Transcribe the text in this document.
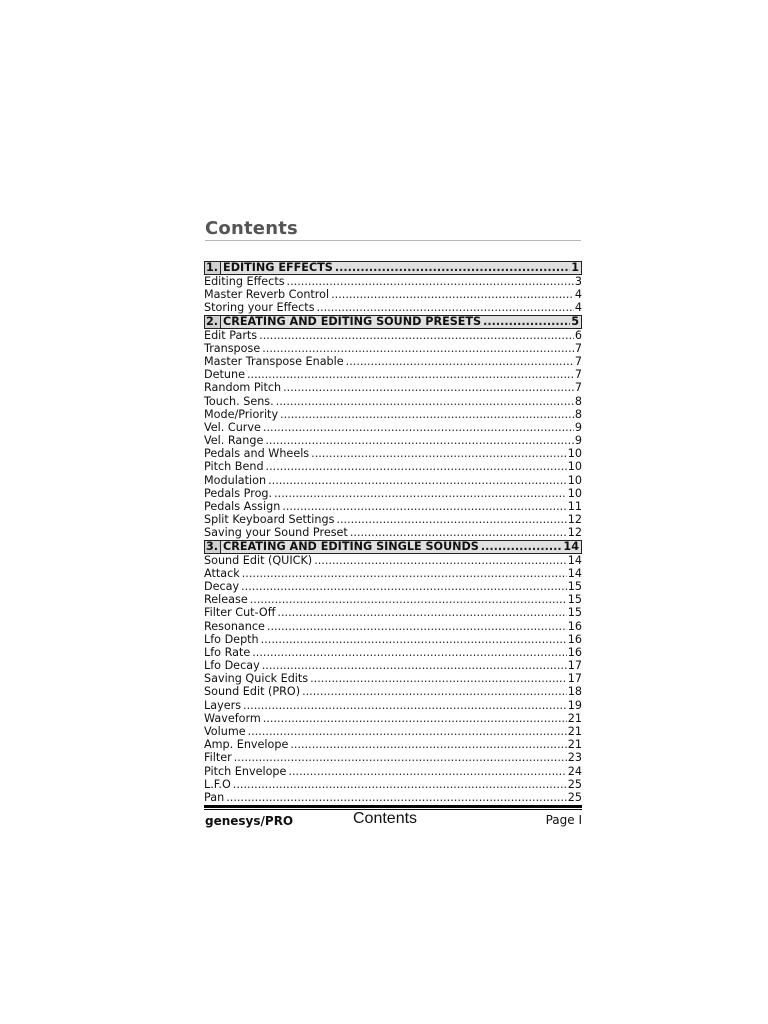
Contents
1. EDITING EFFECTS .....	1
Editing Effects .....	3
Master Reverb Control .....	4
Storing your Effects .....	4
2. CREATING AND EDITING SOUND PRESETS .....	5
Edit Parts .....	6
Transpose .....	7
Master Transpose Enable .....	7
Detune .....	7
Random Pitch .....	7
Touch. Sens. .....	8
Mode/Priority .....	8
Vel. Curve .....	9
Vel. Range .....	9
Pedals and Wheels .....	10
Pitch Bend .....	10
Modulation .....	10
Pedals Prog. .....	10
Pedals Assign .....	11
Split Keyboard Settings .....	12
Saving your Sound Preset .....	12
3. CREATING AND EDITING SINGLE SOUNDS .....	14
Sound Edit (QUICK) .....	14
Attack .....	14
Decay .....	15
Release .....	15
Filter Cut-Off .....	15
Resonance .....	16
Lfo Depth .....	16
Lfo Rate .....	16
Lfo Decay .....	17
Saving Quick Edits .....	17
Sound Edit (PRO) .....	18
Layers .....	19
Waveform .....	21
Volume .....	21
Amp. Envelope .....	21
Filter .....	23
Pitch Envelope .....	24
L.F.O .....	25
Pan .....	25
genesys/PRO	Contents	Page I
